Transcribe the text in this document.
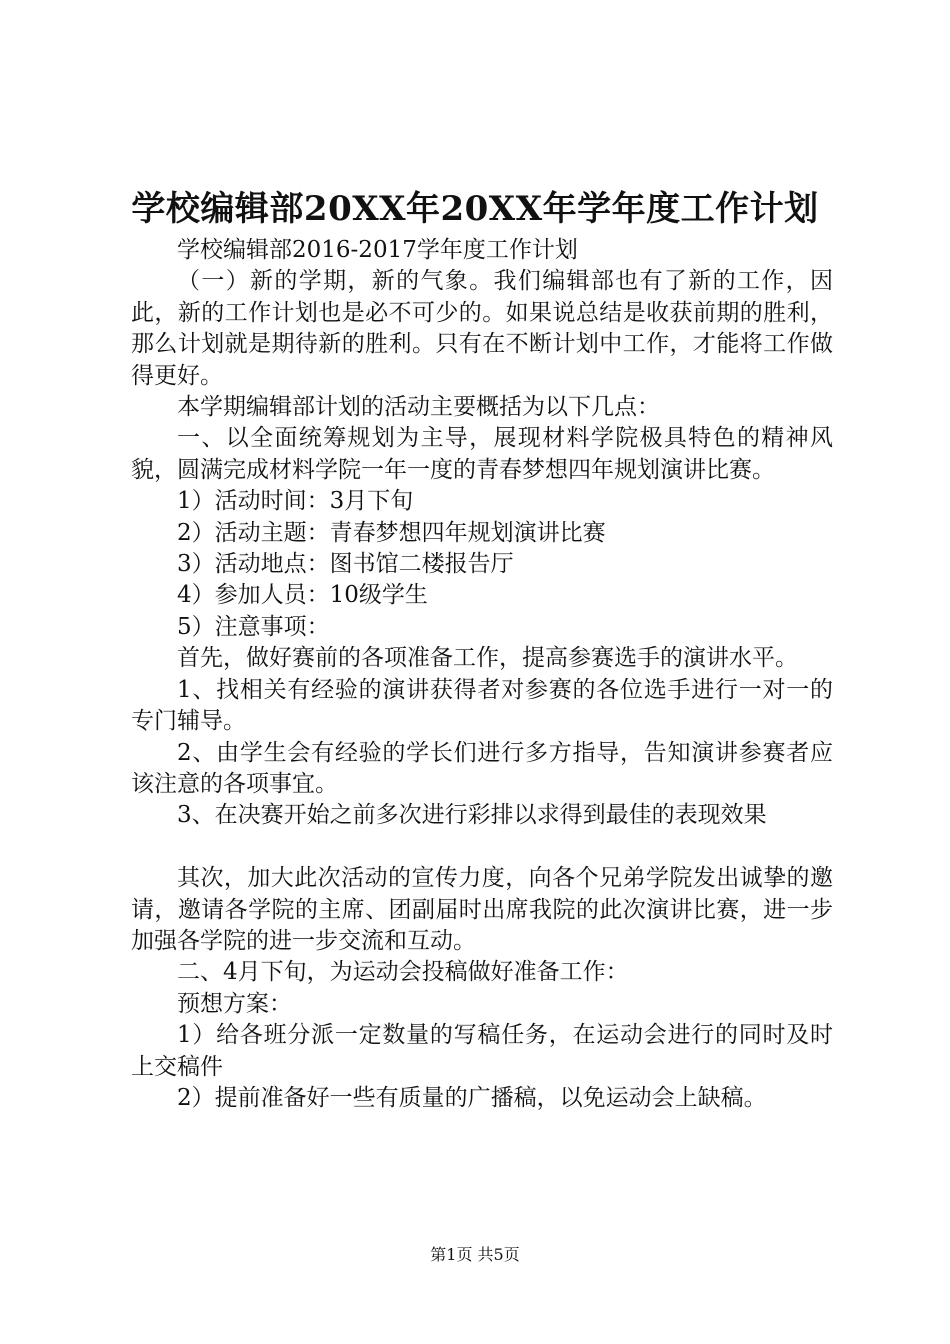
学校编辑部20XX年20XX年学年度工作计划

学校编辑部2016-2017学年度工作计划

（一）新的学期，新的气象。我们编辑部也有了新的工作，因此，新的工作计划也是必不可少的。如果说总结是收获前期的胜利，那么计划就是期待新的胜利。只有在不断计划中工作，才能将工作做得更好。

本学期编辑部计划的活动主要概括为以下几点：

一、以全面统筹规划为主导，展现材料学院极具特色的精神风貌，圆满完成材料学院一年一度的青春梦想四年规划演讲比赛。

1）活动时间：3月下旬

2）活动主题：青春梦想四年规划演讲比赛

3）活动地点：图书馆二楼报告厅

4）参加人员：10级学生

5）注意事项：

首先，做好赛前的各项准备工作，提高参赛选手的演讲水平。

1、找相关有经验的演讲获得者对参赛的各位选手进行一对一的专门辅导。

2、由学生会有经验的学长们进行多方指导，告知演讲参赛者应该注意的各项事宜。

3、在决赛开始之前多次进行彩排以求得到最佳的表现效果

其次，加大此次活动的宣传力度，向各个兄弟学院发出诚挚的邀请，邀请各学院的主席、团副届时出席我院的此次演讲比赛，进一步加强各学院的进一步交流和互动。

二、4月下旬，为运动会投稿做好准备工作：

预想方案：

1）给各班分派一定数量的写稿任务，在运动会进行的同时及时上交稿件

2）提前准备好一些有质量的广播稿，以免运动会上缺稿。

第1页 共5页
